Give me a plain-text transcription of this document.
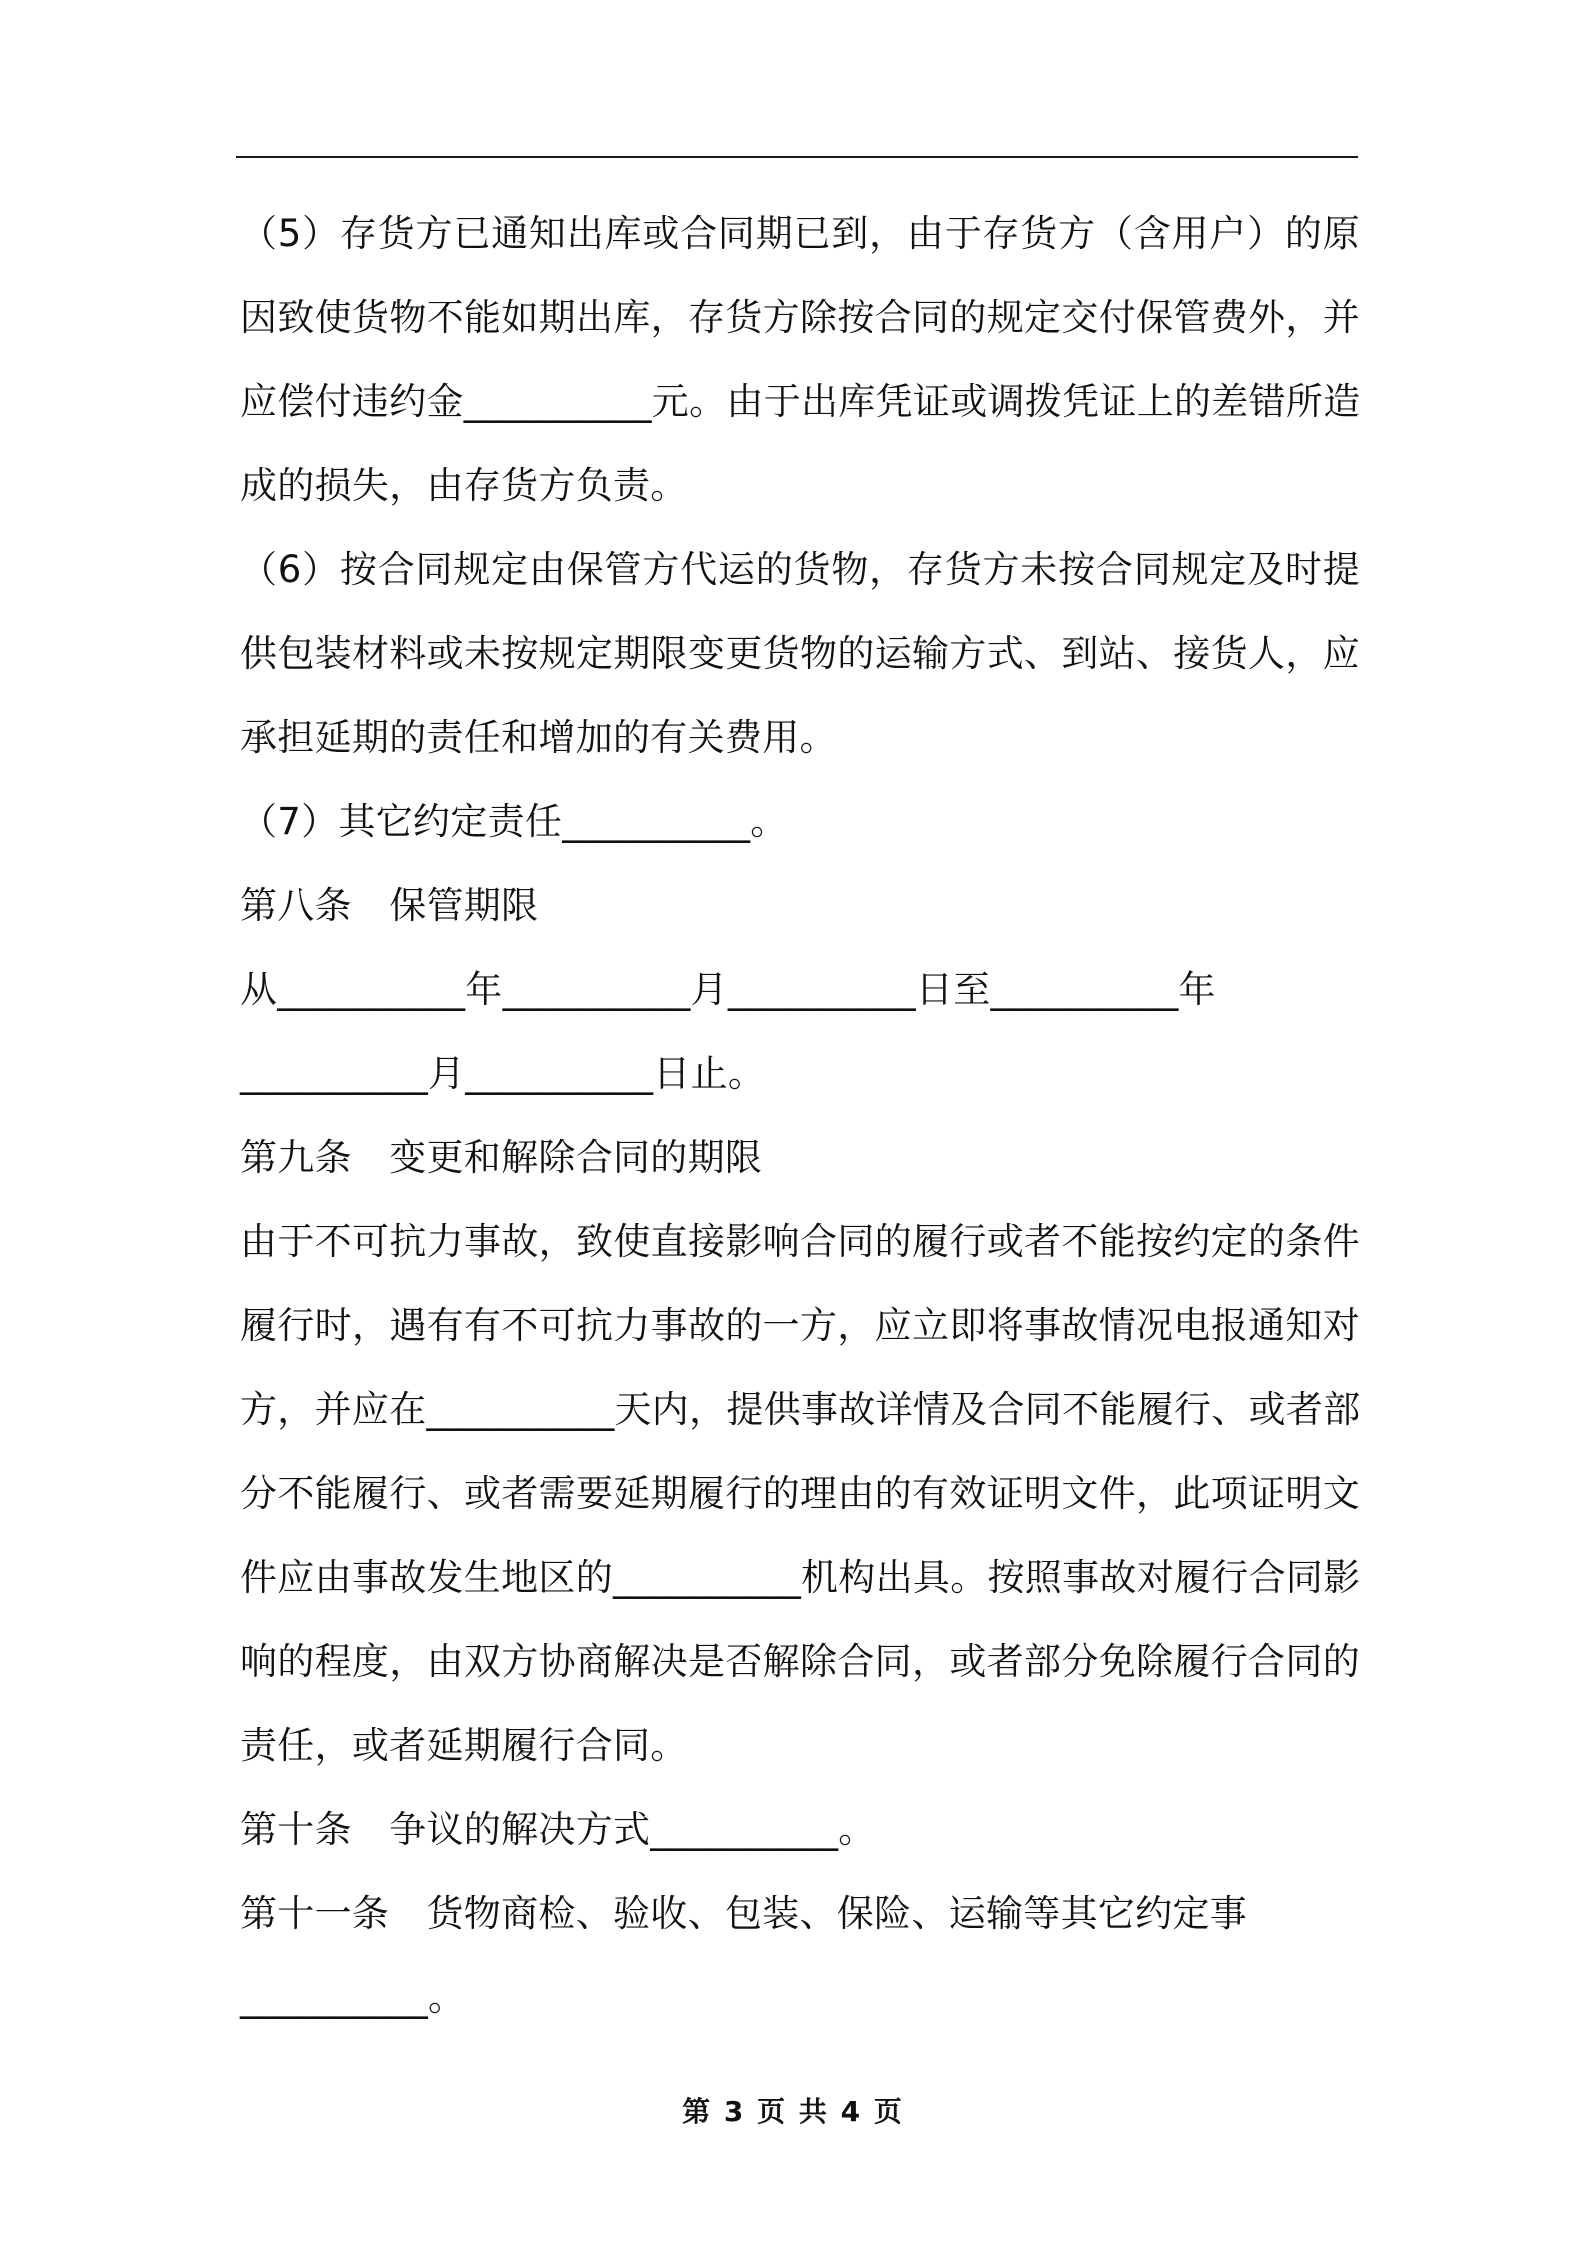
（5）存货方已通知出库或合同期已到，由于存货方（含用户）的原
因致使货物不能如期出库，存货方除按合同的规定交付保管费外，并
应偿付违约金__________元。由于出库凭证或调拨凭证上的差错所造
成的损失，由存货方负责。
（6）按合同规定由保管方代运的货物，存货方未按合同规定及时提
供包装材料或未按规定期限变更货物的运输方式、到站、接货人，应
承担延期的责任和增加的有关费用。
（7）其它约定责任__________。
第八条　保管期限
从__________年__________月__________日至__________年
__________月__________日止。
第九条　变更和解除合同的期限
由于不可抗力事故，致使直接影响合同的履行或者不能按约定的条件
履行时，遇有有不可抗力事故的一方，应立即将事故情况电报通知对
方，并应在__________天内，提供事故详情及合同不能履行、或者部
分不能履行、或者需要延期履行的理由的有效证明文件，此项证明文
件应由事故发生地区的__________机构出具。按照事故对履行合同影
响的程度，由双方协商解决是否解除合同，或者部分免除履行合同的
责任，或者延期履行合同。
第十条　争议的解决方式__________。
第十一条　货物商检、验收、包装、保险、运输等其它约定事
__________。
第 3 页 共 4 页
